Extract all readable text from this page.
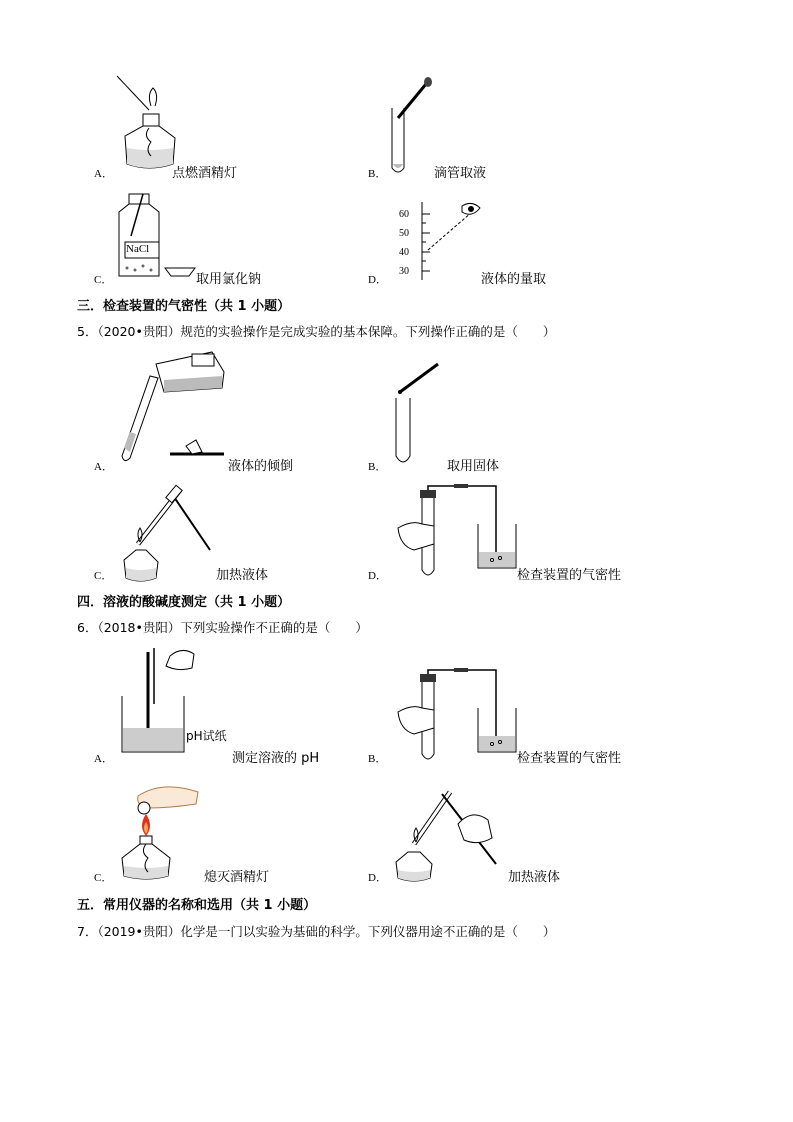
A．	点燃酒精灯	B．	滴管取液
NaCl
C．	取用氯化钠
60
50
40
30
D．	液体的量取
三．检查装置的气密性（共 1 小题）
5．（2020•贵阳）规范的实验操作是完成实验的基本保障。下列操作正确的是（　　）
A．	液体的倾倒	B．	取用固体
C．	加热液体	D．	检查装置的气密性
四．溶液的酸碱度测定（共 1 小题）
6．（2018•贵阳）下列实验操作不正确的是（　　）
pH试纸
A．	测定溶液的 pH	B．	检查装置的气密性
C．	熄灭酒精灯	D．	加热液体
五．常用仪器的名称和选用（共 1 小题）
7．（2019•贵阳）化学是一门以实验为基础的科学。下列仪器用途不正确的是（　　）
